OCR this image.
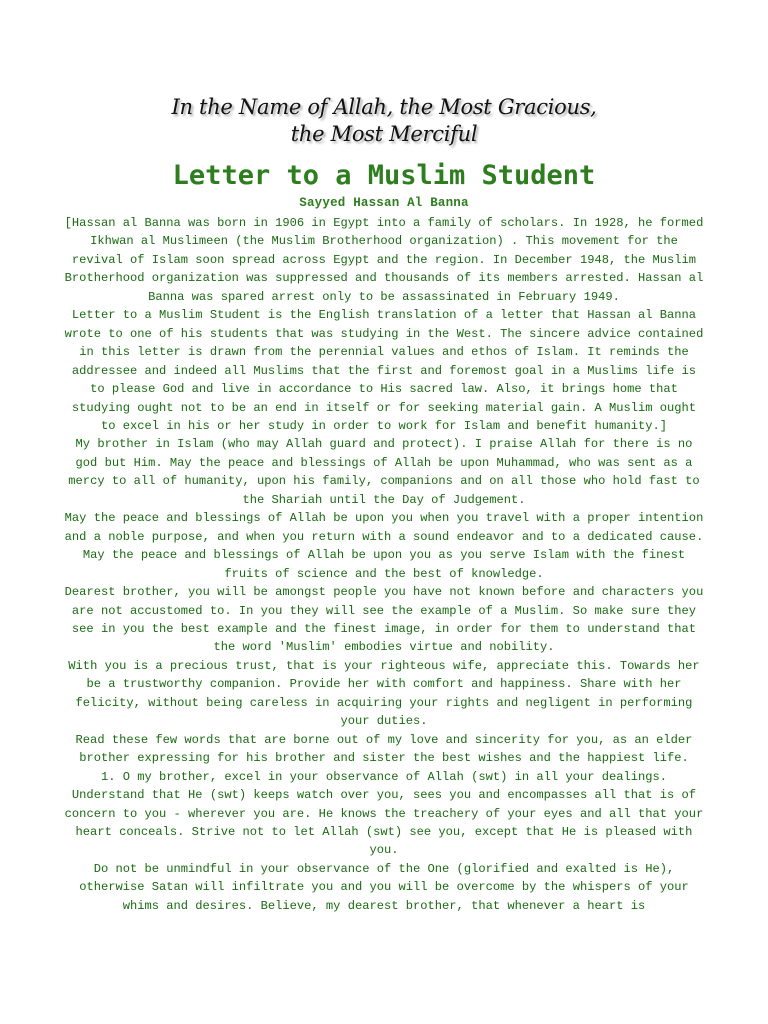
In the Name of Allah, the Most Gracious,
the Most Merciful
Letter to a Muslim Student
Sayyed Hassan Al Banna

[Hassan al Banna was born in 1906 in Egypt into a family of scholars. In 1928, he formed Ikhwan al Muslimeen (the Muslim Brotherhood organization) . This movement for the revival of Islam soon spread across Egypt and the region. In December 1948, the Muslim Brotherhood organization was suppressed and thousands of its members arrested. Hassan al Banna was spared arrest only to be assassinated in February 1949.

Letter to a Muslim Student is the English translation of a letter that Hassan al Banna wrote to one of his students that was studying in the West. The sincere advice contained in this letter is drawn from the perennial values and ethos of Islam. It reminds the addressee and indeed all Muslims that the first and foremost goal in a Muslims life is to please God and live in accordance to His sacred law. Also, it brings home that studying ought not to be an end in itself or for seeking material gain. A Muslim ought to excel in his or her study in order to work for Islam and benefit humanity.]

My brother in Islam (who may Allah guard and protect). I praise Allah for there is no god but Him. May the peace and blessings of Allah be upon Muhammad, who was sent as a mercy to all of humanity, upon his family, companions and on all those who hold fast to the Shariah until the Day of Judgement.

May the peace and blessings of Allah be upon you when you travel with a proper intention and a noble purpose, and when you return with a sound endeavor and to a dedicated cause.

May the peace and blessings of Allah be upon you as you serve Islam with the finest fruits of science and the best of knowledge.

Dearest brother, you will be amongst people you have not known before and characters you are not accustomed to. In you they will see the example of a Muslim. So make sure they see in you the best example and the finest image, in order for them to understand that the word 'Muslim' embodies virtue and nobility.

With you is a precious trust, that is your righteous wife, appreciate this. Towards her be a trustworthy companion. Provide her with comfort and happiness. Share with her felicity, without being careless in acquiring your rights and negligent in performing your duties.

Read these few words that are borne out of my love and sincerity for you, as an elder brother expressing for his brother and sister the best wishes and the happiest life.

1. O my brother, excel in your observance of Allah (swt) in all your dealings. Understand that He (swt) keeps watch over you, sees you and encompasses all that is of concern to you - wherever you are. He knows the treachery of your eyes and all that your heart conceals. Strive not to let Allah (swt) see you, except that He is pleased with you.

Do not be unmindful in your observance of the One (glorified and exalted is He), otherwise Satan will infiltrate you and you will be overcome by the whispers of your whims and desires. Believe, my dearest brother, that whenever a heart is
